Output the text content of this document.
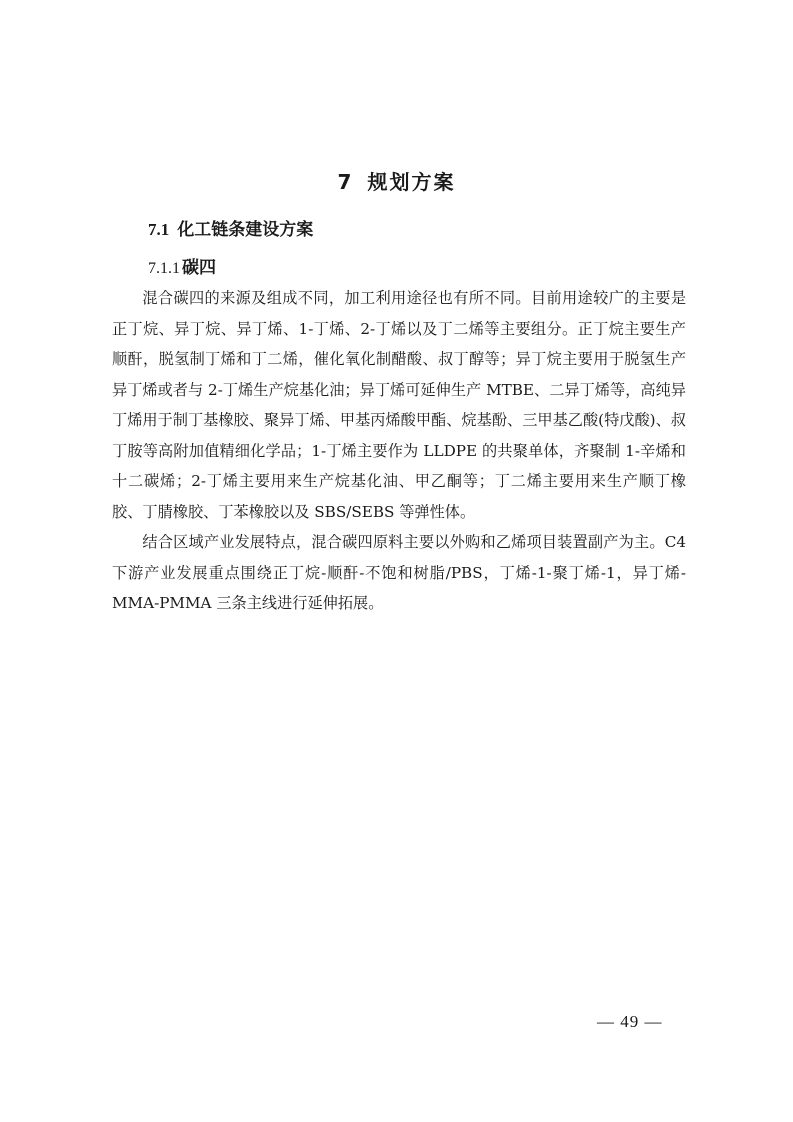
7 规划方案
7.1 化工链条建设方案
7.1.1 碳四

混合碳四的来源及组成不同，加工利用途径也有所不同。目前用途较广的主要是正丁烷、异丁烷、异丁烯、1-丁烯、2-丁烯以及丁二烯等主要组分。正丁烷主要生产顺酐，脱氢制丁烯和丁二烯，催化氧化制醋酸、叔丁醇等；异丁烷主要用于脱氢生产异丁烯或者与 2-丁烯生产烷基化油；异丁烯可延伸生产 MTBE、二异丁烯等，高纯异丁烯用于制丁基橡胶、聚异丁烯、甲基丙烯酸甲酯、烷基酚、三甲基乙酸(特戊酸)、叔丁胺等高附加值精细化学品；1-丁烯主要作为 LLDPE 的共聚单体，齐聚制 1-辛烯和十二碳烯；2-丁烯主要用来生产烷基化油、甲乙酮等；丁二烯主要用来生产顺丁橡胶、丁腈橡胶、丁苯橡胶以及 SBS/SEBS 等弹性体。

结合区域产业发展特点，混合碳四原料主要以外购和乙烯项目装置副产为主。C4 下游产业发展重点围绕正丁烷-顺酐-不饱和树脂/PBS，丁烯-1-聚丁烯-1，异丁烯-MMA-PMMA 三条主线进行延伸拓展。

— 49 —
